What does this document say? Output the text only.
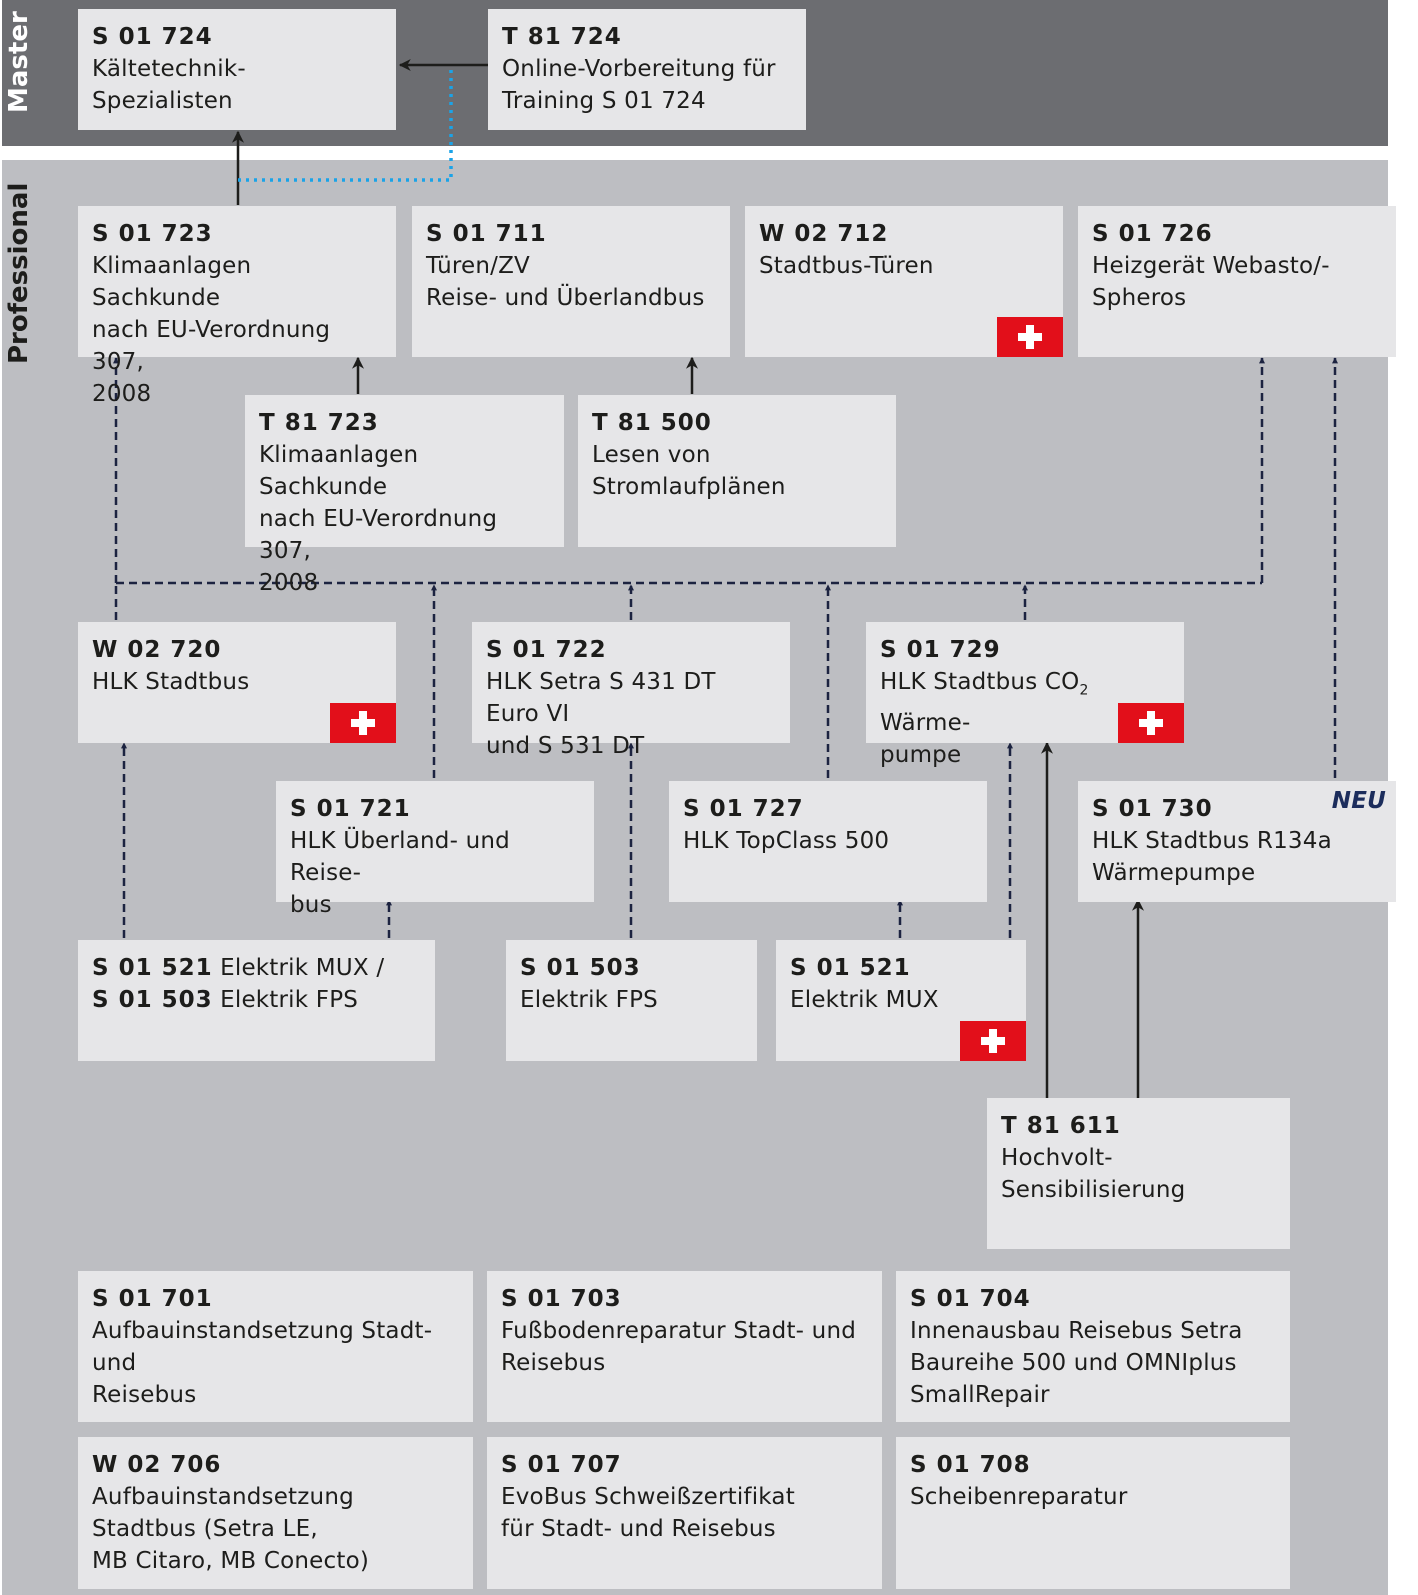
Master
Professional
S 01 724
Kältetechnik-Spezialisten
T 81 724
Online-Vorbereitung für
Training S 01 724
S 01 723
Klimaanlagen Sachkunde
nach EU-Verordnung 307,
2008
S 01 711
Türen/ZV
Reise- und Überlandbus
W 02 712
Stadtbus-Türen
S 01 726
Heizgerät Webasto/-
Spheros
T 81 723
Klimaanlagen Sachkunde
nach EU-Verordnung 307,
2008
T 81 500
Lesen von Stromlaufplänen
W 02 720
HLK Stadtbus
S 01 722
HLK Setra S 431 DT Euro VI
und S 531 DT
S 01 729
HLK Stadtbus $CO_2$ Wärme-
pumpe
S 01 721
HLK Überland- und Reise-
bus
S 01 727
HLK TopClass 500
S 01 730
HLK Stadtbus R134a
Wärmepumpe
NEU
S 01 521 Elektrik MUX /
S 01 503 Elektrik FPS
S 01 503
Elektrik FPS
S 01 521
Elektrik MUX
T 81 611
Hochvolt-Sensibilisierung
S 01 701
Aufbauinstandsetzung Stadt- und
Reisebus
S 01 703
Fußbodenreparatur Stadt- und
Reisebus
S 01 704
Innenausbau Reisebus Setra
Baureihe 500 und OMNIplus
SmallRepair
W 02 706
Aufbauinstandsetzung
Stadtbus (Setra LE,
MB Citaro, MB Conecto)
S 01 707
EvoBus Schweißzertifikat
für Stadt- und Reisebus
S 01 708
Scheibenreparatur
